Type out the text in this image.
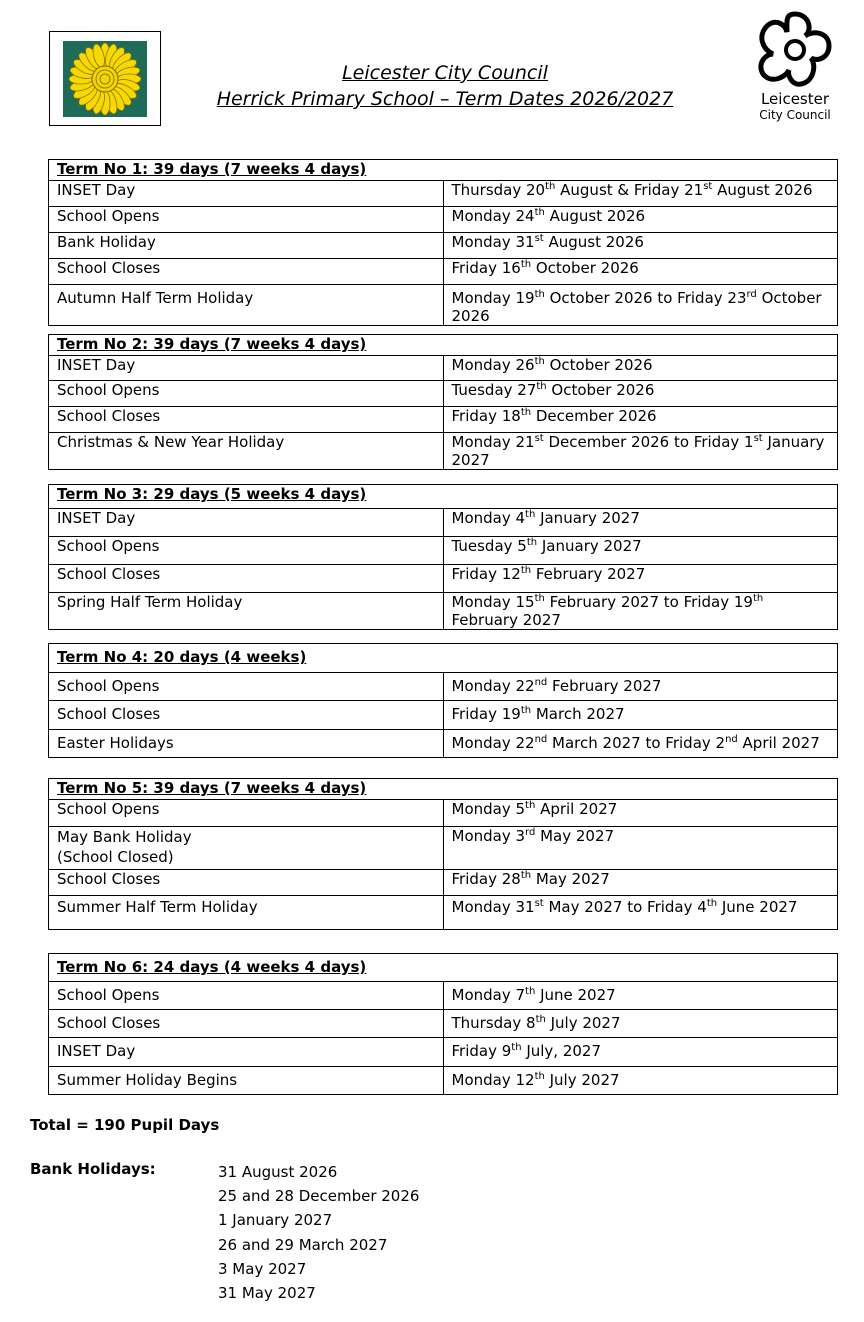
Leicester City Council
Herrick Primary School – Term Dates 2026/2027	Leicester
City Council
Term No 1: 39 days (7 weeks 4 days)	
INSET Day	Thursday 20th August & Friday 21st August 2026
School Opens	Monday 24th August 2026
Bank Holiday	Monday 31st August 2026
School Closes	Friday 16th October 2026
Autumn Half Term Holiday	Monday 19th October 2026 to Friday 23rd October 2026
Term No 2: 39 days (7 weeks 4 days)	
INSET Day	Monday 26th October 2026
School Opens	Tuesday 27th October 2026
School Closes	Friday 18th December 2026
Christmas & New Year Holiday	Monday 21st December 2026 to Friday 1st January 2027
Term No 3: 29 days (5 weeks 4 days)	
INSET Day	Monday 4th January 2027
School Opens	Tuesday 5th January 2027
School Closes	Friday 12th February 2027
Spring Half Term Holiday	Monday 15th February 2027 to Friday 19th February 2027
Term No 4: 20 days (4 weeks)	
School Opens	Monday 22nd February 2027
School Closes	Friday 19th March 2027
Easter Holidays	Monday 22nd March 2027 to Friday 2nd April 2027
Term No 5: 39 days (7 weeks 4 days)	
School Opens	Monday 5th April 2027
May Bank Holiday
(School Closed)	Monday 3rd May 2027
School Closes	Friday 28th May 2027
Summer Half Term Holiday	Monday 31st May 2027 to Friday 4th June 2027
Term No 6: 24 days (4 weeks 4 days)	
School Opens	Monday 7th June 2027
School Closes	Thursday 8th July 2027
INSET Day	Friday 9th July, 2027
Summer Holiday Begins	Monday 12th July 2027
Total = 190 Pupil Days
Bank Holidays:	31 August 2026
25 and 28 December 2026
1 January 2027
26 and 29 March 2027
3 May 2027
31 May 2027
